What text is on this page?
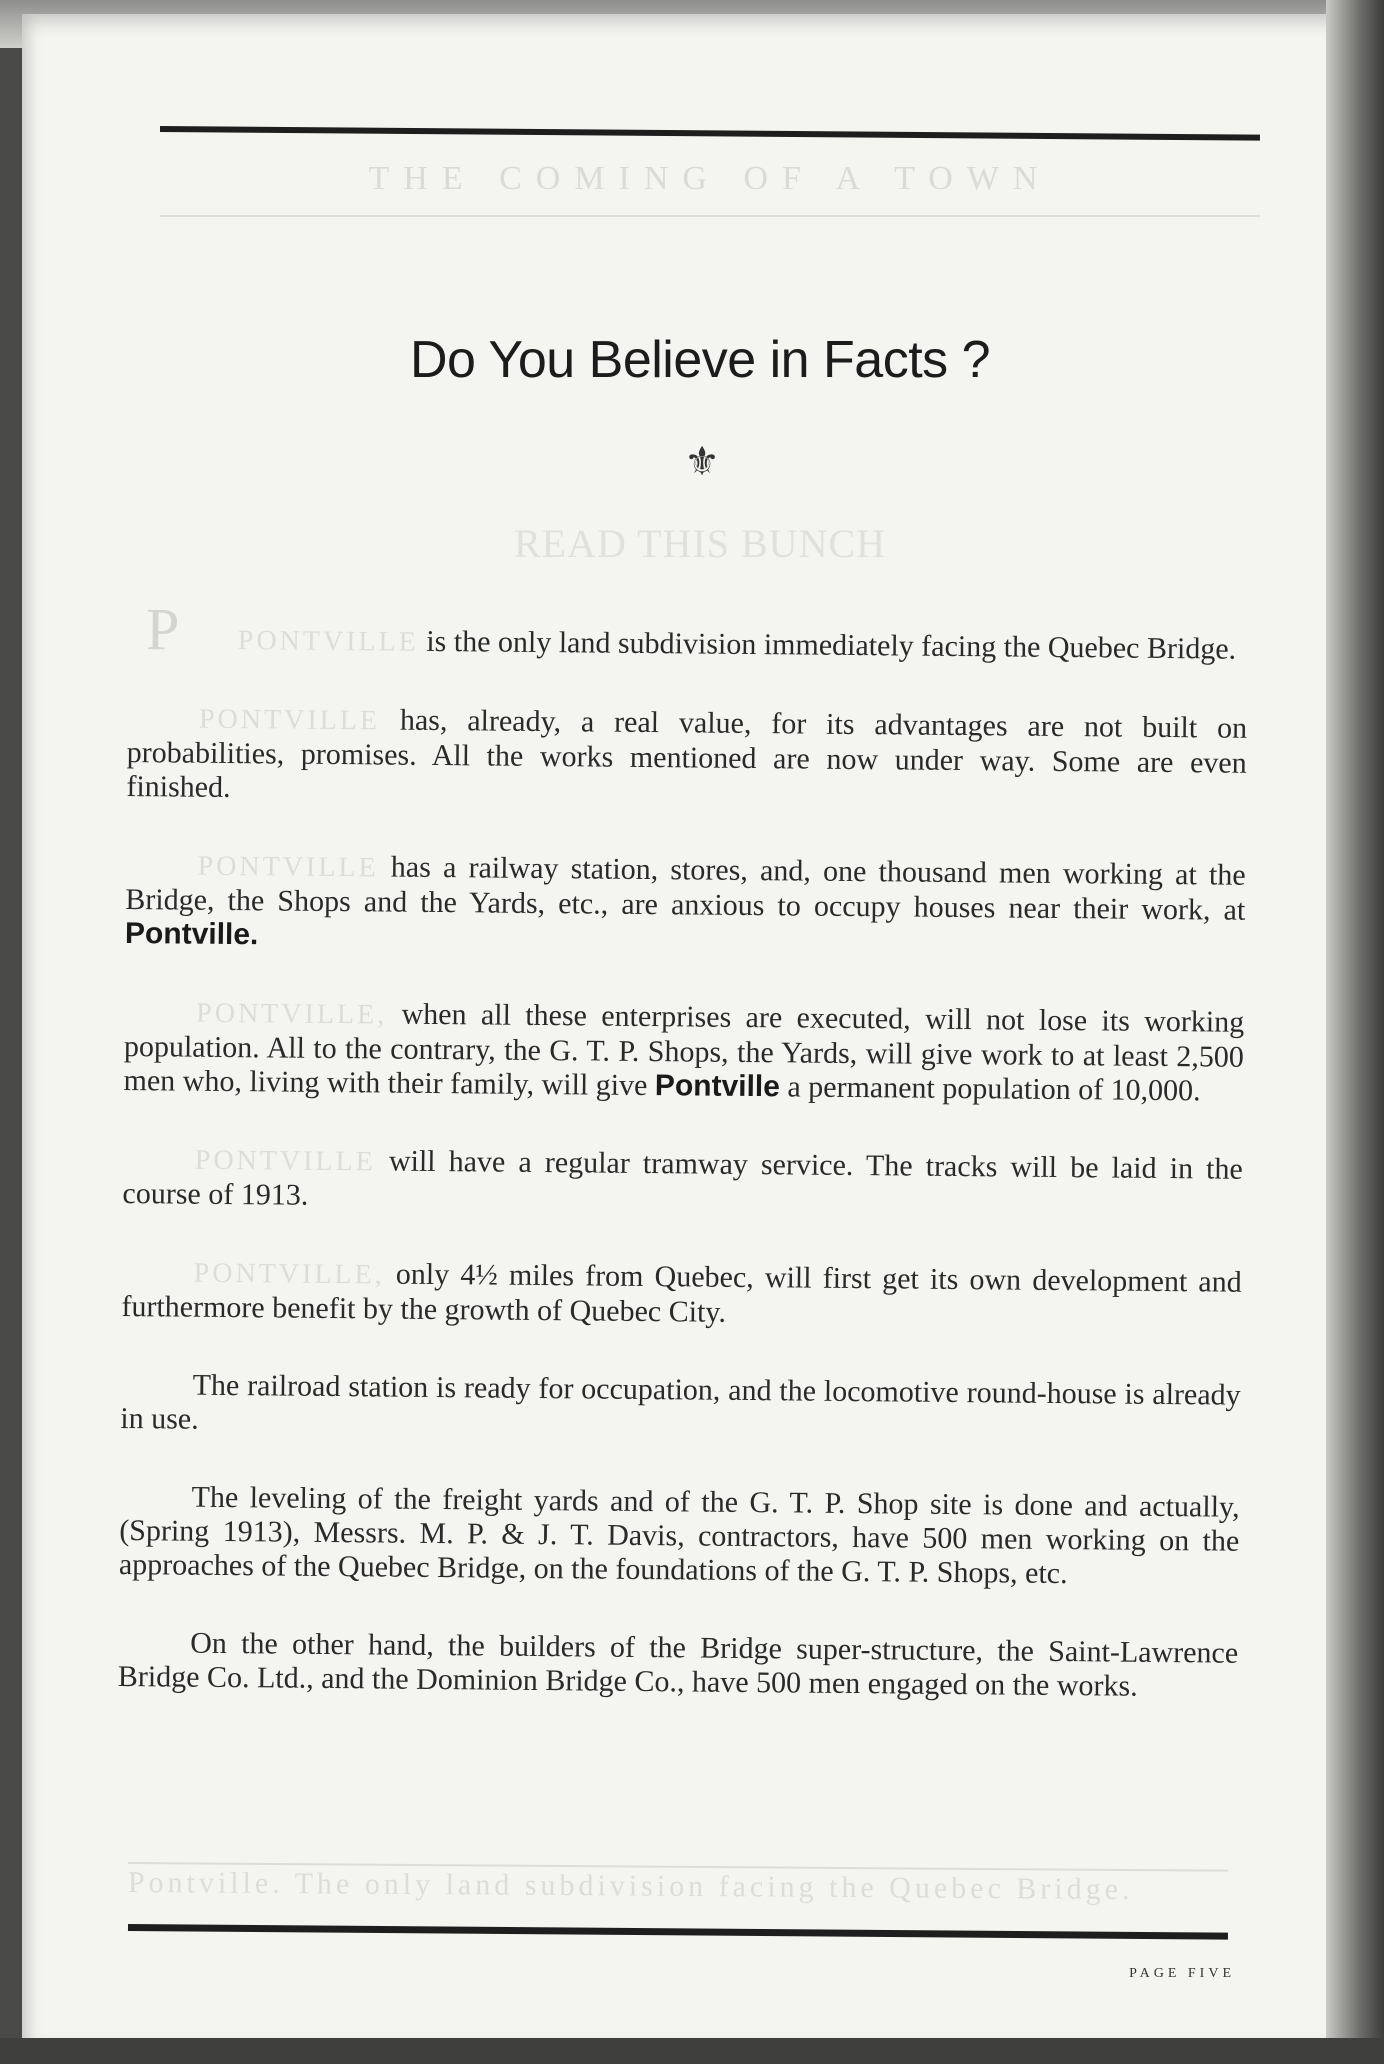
THE COMING OF A TOWN
Do You Believe in Facts ?
⚜
READ THIS BUNCH

P PONTVILLE is the only land subdivision immediately facing the Quebec Bridge.

PONTVILLE has, already, a real value, for its advantages are not built on probabilities, promises. All the works mentioned are now under way. Some are even finished.

PONTVILLE has a railway station, stores, and, one thousand men working at the Bridge, the Shops and the Yards, etc., are anxious to occupy houses near their work, at Pontville.

PONTVILLE, when all these enterprises are executed, will not lose its working population. All to the contrary, the G. T. P. Shops, the Yards, will give work to at least 2,500 men who, living with their family, will give Pontville a permanent population of 10,000.

PONTVILLE will have a regular tramway service. The tracks will be laid in the course of 1913.

PONTVILLE, only 4½ miles from Quebec, will first get its own development and furthermore benefit by the growth of Quebec City.

The railroad station is ready for occupation, and the locomotive round-house is already in use.

The leveling of the freight yards and of the G. T. P. Shop site is done and actually, (Spring 1913), Messrs. M. P. & J. T. Davis, contractors, have 500 men working on the approaches of the Quebec Bridge, on the foundations of the G. T. P. Shops, etc.

On the other hand, the builders of the Bridge super-structure, the Saint-Lawrence Bridge Co. Ltd., and the Dominion Bridge Co., have 500 men engaged on the works.

Pontville. The only land subdivision facing the Quebec Bridge.
PAGE FIVE
